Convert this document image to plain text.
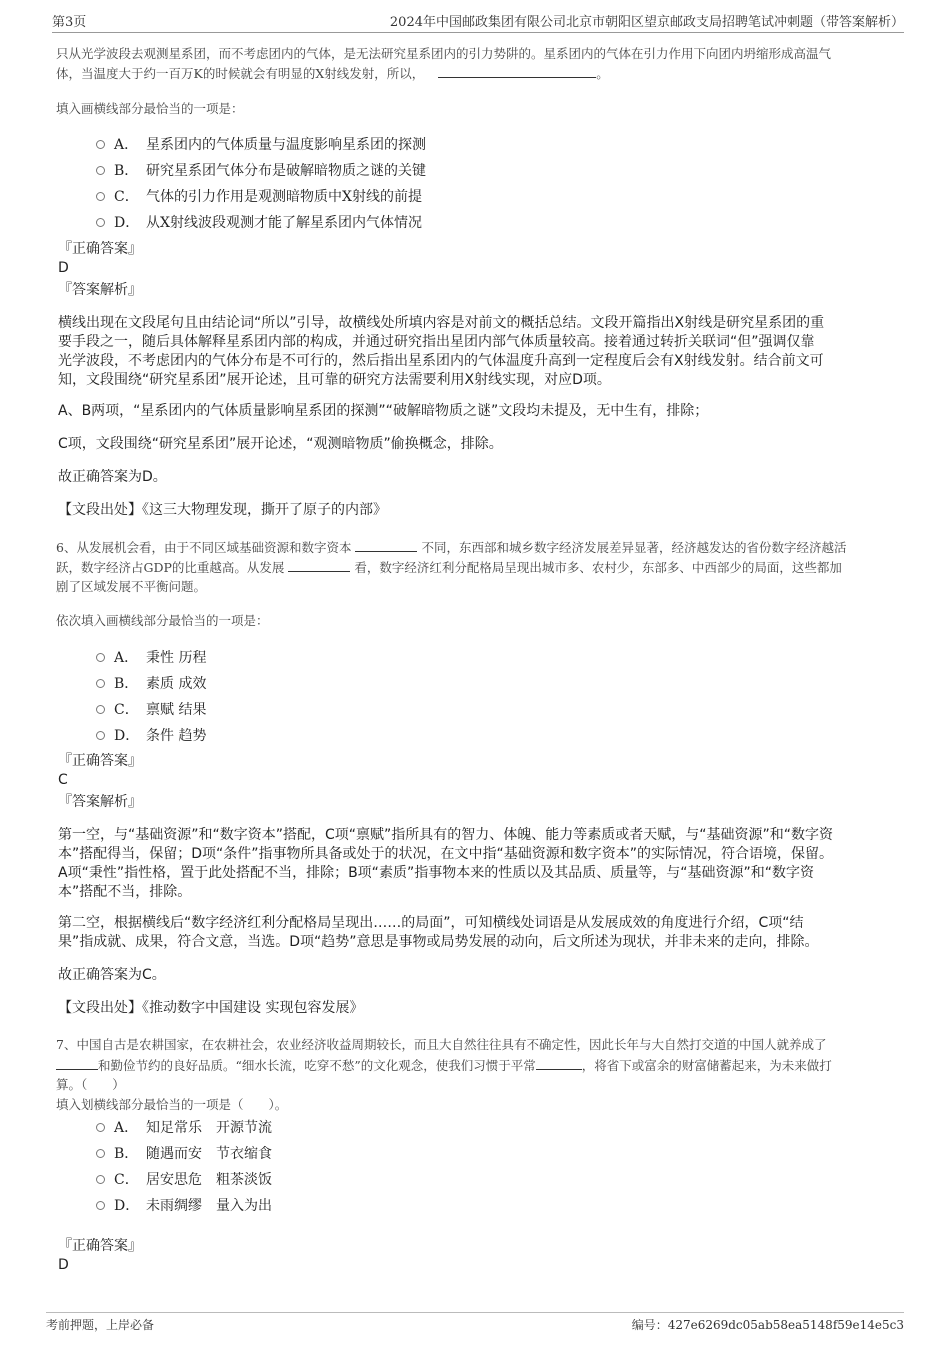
第3页	2024年中国邮政集团有限公司北京市朝阳区望京邮政支局招聘笔试冲刺题（带答案解析）
只从光学波段去观测星系团，而不考虑团内的气体，是无法研究星系团内的引力势阱的。星系团内的气体在引力作用下向团内坍缩形成高温气
体，当温度大于约一百万K的时候就会有明显的X射线发射，所以，	。
填入画横线部分最恰当的一项是：
A． 星系团内的气体质量与温度影响星系团的探测
B． 研究星系团气体分布是破解暗物质之谜的关键
C． 气体的引力作用是观测暗物质中X射线的前提
D． 从X射线波段观测才能了解星系团内气体情况
『正确答案』
D
『答案解析』
横线出现在文段尾句且由结论词“所以”引导，故横线处所填内容是对前文的概括总结。文段开篇指出X射线是研究星系团的重
要手段之一，随后具体解释星系团内部的构成，并通过研究指出星团内部气体质量较高。接着通过转折关联词“但”强调仅靠
光学波段，不考虑团内的气体分布是不可行的，然后指出星系团内的气体温度升高到一定程度后会有X射线发射。结合前文可
知，文段围绕“研究星系团”展开论述，且可靠的研究方法需要利用X射线实现，对应D项。
A、B两项，“星系团内的气体质量影响星系团的探测”“破解暗物质之谜”文段均未提及，无中生有，排除；
C项，文段围绕“研究星系团”展开论述，“观测暗物质”偷换概念，排除。
故正确答案为D。
【文段出处】《这三大物理发现，撕开了原子的内部》
6、从发展机会看，由于不同区域基础资源和数字资本	不同，东西部和城乡数字经济发展差异显著，经济越发达的省份数字经济越活
跃，数字经济占GDP的比重越高。从发展	看，数字经济红利分配格局呈现出城市多、农村少，东部多、中西部少的局面，这些都加
剧了区域发展不平衡问题。
依次填入画横线部分最恰当的一项是：
A． 秉性 历程
B． 素质 成效
C． 禀赋 结果
D． 条件 趋势
『正确答案』
C
『答案解析』
第一空，与“基础资源”和“数字资本”搭配，C项“禀赋”指所具有的智力、体魄、能力等素质或者天赋，与“基础资源”和“数字资
本”搭配得当，保留；D项“条件”指事物所具备或处于的状况，在文中指“基础资源和数字资本”的实际情况，符合语境，保留。
A项“秉性”指性格，置于此处搭配不当，排除；B项“素质”指事物本来的性质以及其品质、质量等，与“基础资源”和“数字资
本”搭配不当，排除。
第二空，根据横线后“数字经济红利分配格局呈现出……的局面”，可知横线处词语是从发展成效的角度进行介绍，C项“结
果”指成就、成果，符合文意，当选。D项“趋势”意思是事物或局势发展的动向，后文所述为现状，并非未来的走向，排除。
故正确答案为C。
【文段出处】《推动数字中国建设 实现包容发展》
7、中国自古是农耕国家，在农耕社会，农业经济收益周期较长，而且大自然往往具有不确定性，因此长年与大自然打交道的中国人就养成了
和勤俭节约的良好品质。“细水长流，吃穿不愁”的文化观念，使我们习惯于平常	，将省下或富余的财富储蓄起来，为未来做打
算。（　　）
填入划横线部分最恰当的一项是（　　）。
A． 知足常乐　开源节流
B． 随遇而安　节衣缩食
C． 居安思危　粗茶淡饭
D． 未雨绸缪　量入为出
『正确答案』
D
考前押题，上岸必备	编号：427e6269dc05ab58ea5148f59e14e5c3
